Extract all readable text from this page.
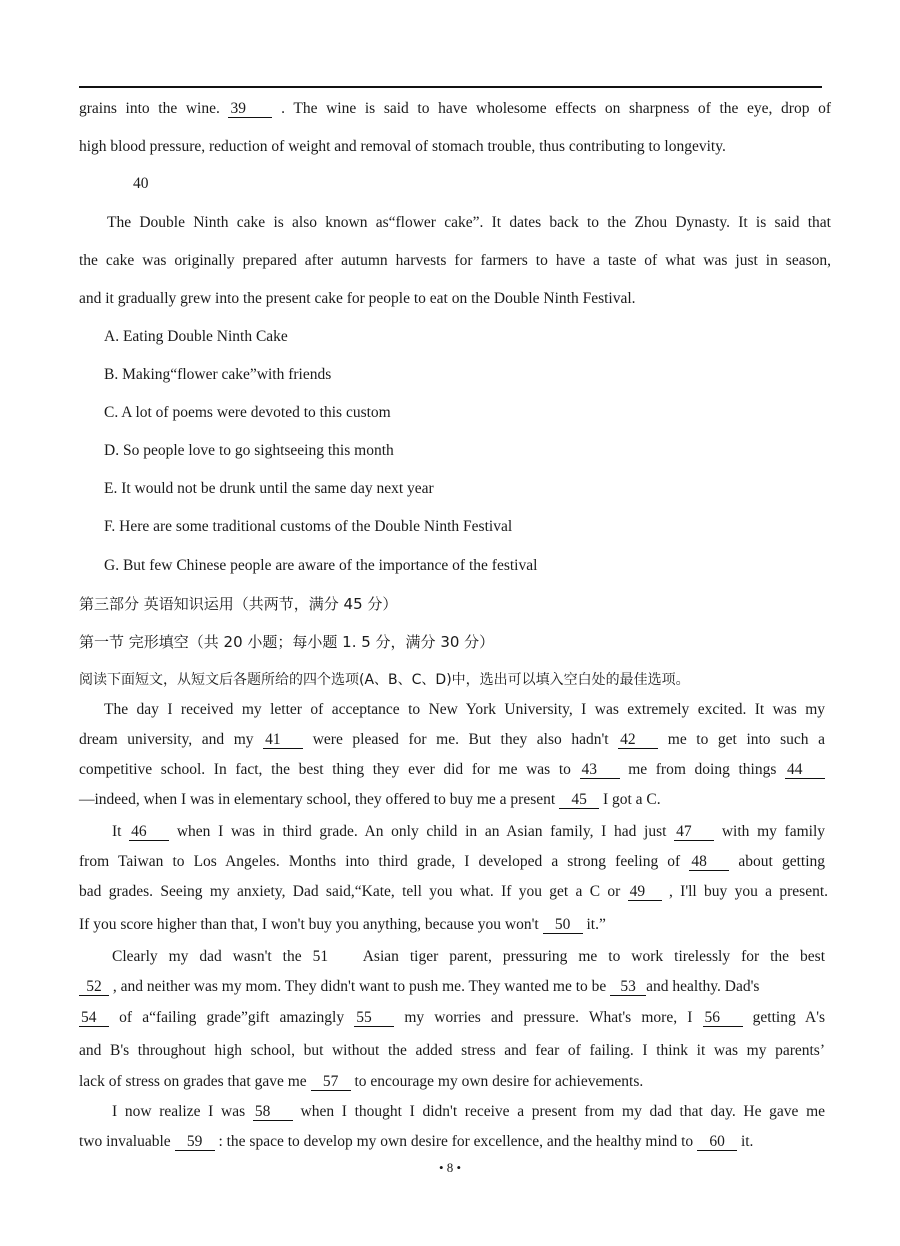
grains into the wine. 39 . The wine is said to have wholesome effects on sharpness of the eye, drop of
high blood pressure, reduction of weight and removal of stomach trouble, thus contributing to longevity.
40
The Double Ninth cake is also known as“flower cake”. It dates back to the Zhou Dynasty. It is said that
the cake was originally prepared after autumn harvests for farmers to have a taste of what was just in season,
and it gradually grew into the present cake for people to eat on the Double Ninth Festival.
A. Eating Double Ninth Cake
B. Making“flower cake”with friends
C. A lot of poems were devoted to this custom
D. So people love to go sightseeing this month
E. It would not be drunk until the same day next year
F. Here are some traditional customs of the Double Ninth Festival
G. But few Chinese people are aware of the importance of the festival
第三部分 英语知识运用（共两节，满分 45 分）
第一节 完形填空（共 20 小题；每小题 1. 5 分，满分 30 分）
阅读下面短文，从短文后各题所给的四个选项(A、B、C、D)中，选出可以填入空白处的最佳选项。
The day I received my letter of acceptance to New York University, I was extremely excited. It was my
dream university, and my 41 were pleased for me. But they also hadn't 42 me to get into such a
competitive school. In fact, the best thing they ever did for me was to 43 me from doing things 44
—indeed, when I was in elementary school, they offered to buy me a present 45 I got a C.
It 46 when I was in third grade. An only child in an Asian family, I had just 47 with my family
from Taiwan to Los Angeles. Months into third grade, I developed a strong feeling of 48 about getting
bad grades. Seeing my anxiety, Dad said,“Kate, tell you what. If you get a C or 49 , I'll buy you a present.
If you score higher than that, I won't buy you anything, because you won't 50 it.”
Clearly my dad wasn't the 51 Asian tiger parent, pressuring me to work tirelessly for the best
52 , and neither was my mom. They didn't want to push me. They wanted me to be 53 and healthy. Dad's
54 of a“failing grade”gift amazingly 55 my worries and pressure. What's more, I 56 getting A's
and B's throughout high school, but without the added stress and fear of failing. I think it was my parents’
lack of stress on grades that gave me 57 to encourage my own desire for achievements.
I now realize I was 58 when I thought I didn't receive a present from my dad that day. He gave me
two invaluable 59 : the space to develop my own desire for excellence, and the healthy mind to 60 it.
• 8 •
